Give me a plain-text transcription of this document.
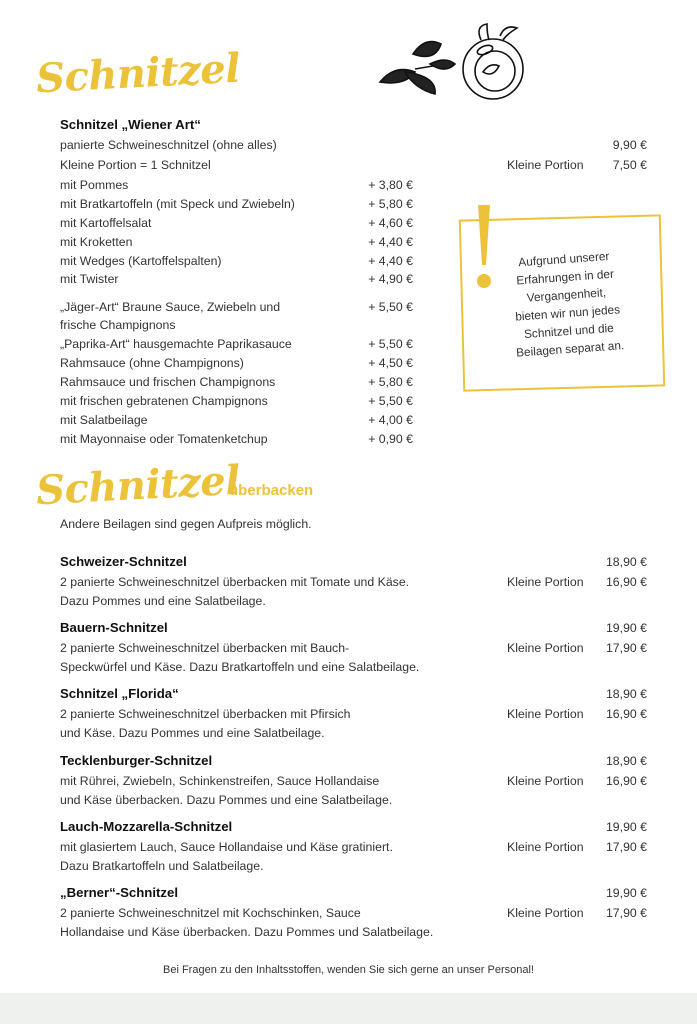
Schnitzel
Schnitzel „Wiener Art“
panierte Schweineschnitzel (ohne alles)	9,90 €
Kleine Portion = 1 Schnitzel	Kleine Portion 7,50 €
mit Pommes	+ 3,80 €
mit Bratkartoffeln (mit Speck und Zwiebeln)	+ 5,80 €
mit Kartoffelsalat	+ 4,60 €
mit Kroketten	+ 4,40 €
mit Wedges (Kartoffelspalten)	+ 4,40 €
mit Twister	+ 4,90 €
„Jäger-Art“ Braune Sauce, Zwiebeln und
frische Champignons
+ 5,50 €
„Paprika-Art“ hausgemachte Paprikasauce	+ 5,50 €
Rahmsauce (ohne Champignons)	+ 4,50 €
Rahmsauce und frischen Champignons	+ 5,80 €
mit frischen gebratenen Champignons	+ 5,50 €
mit Salatbeilage	+ 4,00 €
mit Mayonnaise oder Tomatenketchup	+ 0,90 €
Aufgrund unserer
Erfahrungen in der
Vergangenheit,
bieten wir nun jedes
Schnitzel und die
Beilagen separat an.
Schnitzel
überbacken
Andere Beilagen sind gegen Aufpreis möglich.
Schweizer-Schnitzel	18,90 €
2 panierte Schweineschnitzel überbacken mit Tomate und Käse.	Kleine Portion 16,90 €
Dazu Pommes und eine Salatbeilage.
Bauern-Schnitzel	19,90 €
2 panierte Schweineschnitzel überbacken mit Bauch-	Kleine Portion 17,90 €
Speckwürfel und Käse. Dazu Bratkartoffeln und eine Salatbeilage.
Schnitzel „Florida“	18,90 €
2 panierte Schweineschnitzel überbacken mit Pfirsich	Kleine Portion 16,90 €
und Käse. Dazu Pommes und eine Salatbeilage.
Tecklenburger-Schnitzel	18,90 €
mit Rührei, Zwiebeln, Schinkenstreifen, Sauce Hollandaise	Kleine Portion 16,90 €
und Käse überbacken. Dazu Pommes und eine Salatbeilage.
Lauch-Mozzarella-Schnitzel	19,90 €
mit glasiertem Lauch, Sauce Hollandaise und Käse gratiniert.	Kleine Portion 17,90 €
Dazu Bratkartoffeln und Salatbeilage.
„Berner“-Schnitzel	19,90 €
2 panierte Schweineschnitzel mit Kochschinken, Sauce	Kleine Portion 17,90 €
Hollandaise und Käse überbacken. Dazu Pommes und Salatbeilage.
Bei Fragen zu den Inhaltsstoffen, wenden Sie sich gerne an unser Personal!
